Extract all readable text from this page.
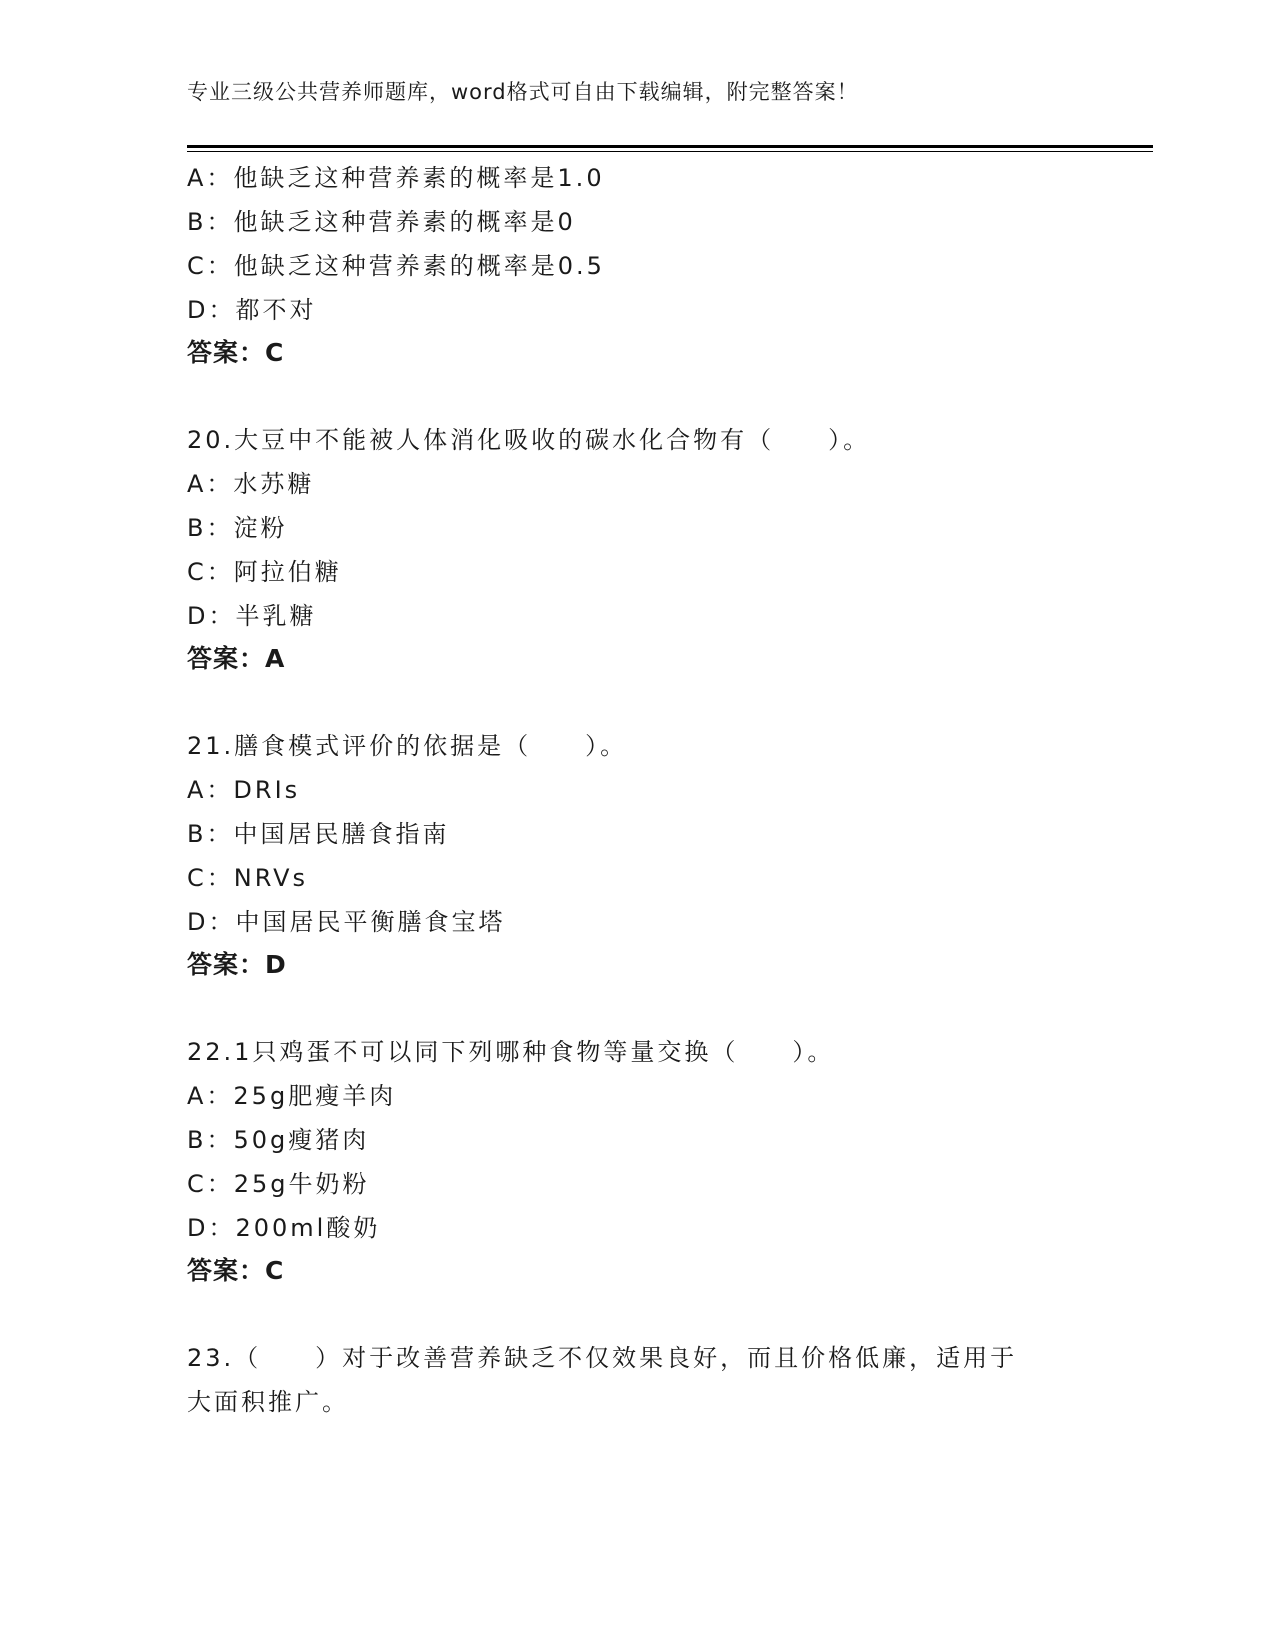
专业三级公共营养师题库，word格式可自由下载编辑，附完整答案！
A：他缺乏这种营养素的概率是1.0
B：他缺乏这种营养素的概率是0
C：他缺乏这种营养素的概率是0.5
D：都不对
答案：C
20.大豆中不能被人体消化吸收的碳水化合物有（　　）。
A：水苏糖
B：淀粉
C：阿拉伯糖
D：半乳糖
答案：A
21.膳食模式评价的依据是（　　）。
A：DRIs
B：中国居民膳食指南
C：NRVs
D：中国居民平衡膳食宝塔
答案：D
22.1只鸡蛋不可以同下列哪种食物等量交换（　　）。
A：25g肥瘦羊肉
B：50g瘦猪肉
C：25g牛奶粉
D：200ml酸奶
答案：C
23.（　　）对于改善营养缺乏不仅效果良好，而且价格低廉，适用于
大面积推广。
